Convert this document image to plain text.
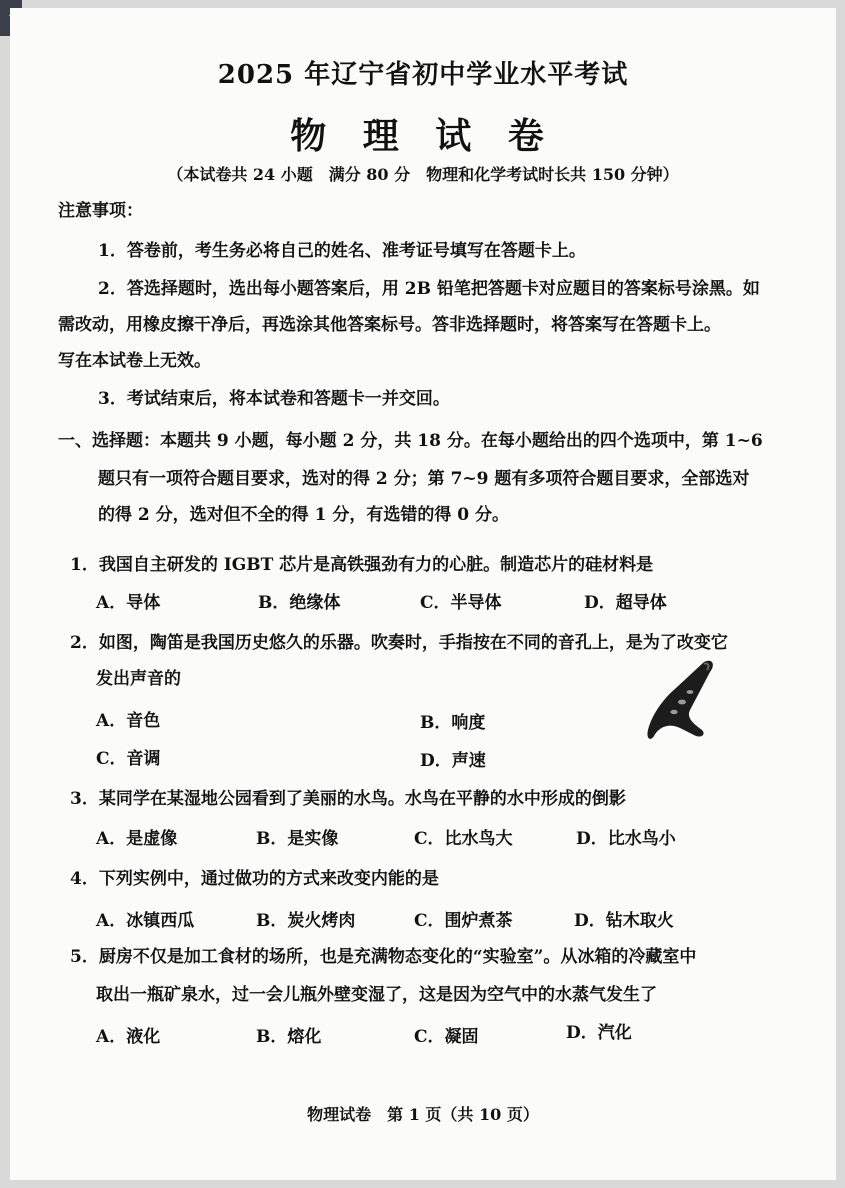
2025 年辽宁省初中学业水平考试
物 理 试 卷
（本试卷共 24 小题　满分 80 分　物理和化学考试时长共 150 分钟）
注意事项：
1．答卷前，考生务必将自己的姓名、准考证号填写在答题卡上。
2．答选择题时，选出每小题答案后，用 2B 铅笔把答题卡对应题目的答案标号涂黑。如
需改动，用橡皮擦干净后，再选涂其他答案标号。答非选择题时，将答案写在答题卡上。
写在本试卷上无效。
3．考试结束后，将本试卷和答题卡一并交回。
一、选择题：本题共 9 小题，每小题 2 分，共 18 分。在每小题给出的四个选项中，第 1~6
题只有一项符合题目要求，选对的得 2 分；第 7~9 题有多项符合题目要求，全部选对
的得 2 分，选对但不全的得 1 分，有选错的得 0 分。
1．我国自主研发的 IGBT 芯片是高铁强劲有力的心脏。制造芯片的硅材料是
A．导体	B．绝缘体	C．半导体	D．超导体
2．如图，陶笛是我国历史悠久的乐器。吹奏时，手指按在不同的音孔上，是为了改变它
发出声音的
A．音色	B．响度
C．音调	D．声速
3．某同学在某湿地公园看到了美丽的水鸟。水鸟在平静的水中形成的倒影
A．是虚像	B．是实像	C．比水鸟大	D．比水鸟小
4．下列实例中，通过做功的方式来改变内能的是
A．冰镇西瓜	B．炭火烤肉	C．围炉煮茶	D．钻木取火
5．厨房不仅是加工食材的场所，也是充满物态变化的“实验室”。从冰箱的冷藏室中
取出一瓶矿泉水，过一会儿瓶外壁变湿了，这是因为空气中的水蒸气发生了
A．液化	B．熔化	C．凝固	D．汽化
物理试卷　第 1 页（共 10 页）
